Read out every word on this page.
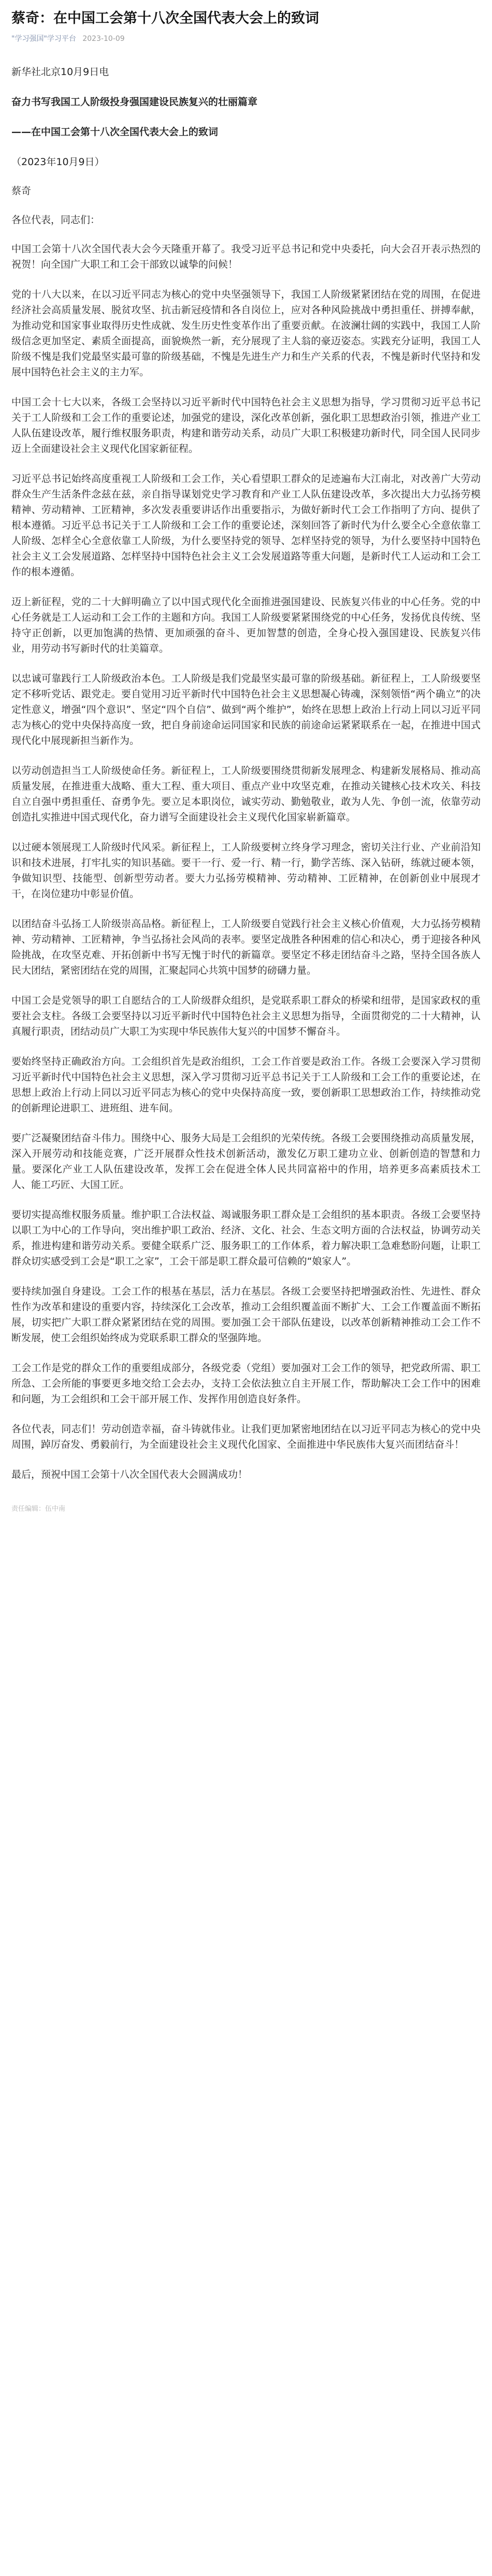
蔡奇：在中国工会第十八次全国代表大会上的致词
"学习强国"学习平台 2023-10-09
新华社北京10月9日电
奋力书写我国工人阶级投身强国建设民族复兴的壮丽篇章
——在中国工会第十八次全国代表大会上的致词
（2023年10月9日）
蔡奇
各位代表，同志们：
中国工会第十八次全国代表大会今天隆重开幕了。我受习近平总书记和党中央委托，向大会召开表示热烈的祝贺！向全国广大职工和工会干部致以诚挚的问候！
党的十八大以来，在以习近平同志为核心的党中央坚强领导下，我国工人阶级紧紧团结在党的周围，在促进经济社会高质量发展、脱贫攻坚、抗击新冠疫情和各自岗位上，应对各种风险挑战中勇担重任、拼搏奉献，为推动党和国家事业取得历史性成就、发生历史性变革作出了重要贡献。在波澜壮阔的实践中，我国工人阶级信念更加坚定、素质全面提高，面貌焕然一新，充分展现了主人翁的豪迈姿态。实践充分证明，我国工人阶级不愧是我们党最坚实最可靠的阶级基础，不愧是先进生产力和生产关系的代表，不愧是新时代坚持和发展中国特色社会主义的主力军。
中国工会十七大以来，各级工会坚持以习近平新时代中国特色社会主义思想为指导，学习贯彻习近平总书记关于工人阶级和工会工作的重要论述，加强党的建设，深化改革创新，强化职工思想政治引领，推进产业工人队伍建设改革，履行维权服务职责，构建和谐劳动关系，动员广大职工积极建功新时代，同全国人民同步迈上全面建设社会主义现代化国家新征程。
习近平总书记始终高度重视工人阶级和工会工作，关心看望职工群众的足迹遍布大江南北，对改善广大劳动群众生产生活条件念兹在兹，亲自指导谋划党史学习教育和产业工人队伍建设改革，多次提出大力弘扬劳模精神、劳动精神、工匠精神，多次发表重要讲话作出重要指示，为做好新时代工会工作指明了方向、提供了根本遵循。习近平总书记关于工人阶级和工会工作的重要论述，深刻回答了新时代为什么要全心全意依靠工人阶级、怎样全心全意依靠工人阶级，为什么要坚持党的领导、怎样坚持党的领导，为什么要坚持中国特色社会主义工会发展道路、怎样坚持中国特色社会主义工会发展道路等重大问题，是新时代工人运动和工会工作的根本遵循。
迈上新征程，党的二十大鲜明确立了以中国式现代化全面推进强国建设、民族复兴伟业的中心任务。党的中心任务就是工人运动和工会工作的主题和方向。我国工人阶级要紧紧围绕党的中心任务，发扬优良传统、坚持守正创新，以更加饱满的热情、更加顽强的奋斗、更加智慧的创造，全身心投入强国建设、民族复兴伟业，用劳动书写新时代的壮美篇章。
以忠诚可靠践行工人阶级政治本色。工人阶级是我们党最坚实最可靠的阶级基础。新征程上，工人阶级要坚定不移听党话、跟党走。要自觉用习近平新时代中国特色社会主义思想凝心铸魂，深刻领悟“两个确立”的决定性意义，增强“四个意识”、坚定“四个自信”、做到“两个维护”，始终在思想上政治上行动上同以习近平同志为核心的党中央保持高度一致，把自身前途命运同国家和民族的前途命运紧紧联系在一起，在推进中国式现代化中展现新担当新作为。
以劳动创造担当工人阶级使命任务。新征程上，工人阶级要围绕贯彻新发展理念、构建新发展格局、推动高质量发展，在推进重大战略、重大工程、重大项目、重点产业中攻坚克难，在推动关键核心技术攻关、科技自立自强中勇担重任、奋勇争先。要立足本职岗位，诚实劳动、勤勉敬业，敢为人先、争创一流，依靠劳动创造扎实推进中国式现代化，奋力谱写全面建设社会主义现代化国家崭新篇章。
以过硬本领展现工人阶级时代风采。新征程上，工人阶级要树立终身学习理念，密切关注行业、产业前沿知识和技术进展，打牢扎实的知识基础。要干一行、爱一行、精一行，勤学苦练、深入钻研，练就过硬本领，争做知识型、技能型、创新型劳动者。要大力弘扬劳模精神、劳动精神、工匠精神，在创新创业中展现才干，在岗位建功中彰显价值。
以团结奋斗弘扬工人阶级崇高品格。新征程上，工人阶级要自觉践行社会主义核心价值观，大力弘扬劳模精神、劳动精神、工匠精神，争当弘扬社会风尚的表率。要坚定战胜各种困难的信心和决心，勇于迎接各种风险挑战，在攻坚克难、开拓创新中书写无愧于时代的新篇章。要坚定不移走团结奋斗之路，坚持全国各族人民大团结，紧密团结在党的周围，汇聚起同心共筑中国梦的磅礴力量。
中国工会是党领导的职工自愿结合的工人阶级群众组织，是党联系职工群众的桥梁和纽带，是国家政权的重要社会支柱。各级工会要坚持以习近平新时代中国特色社会主义思想为指导，全面贯彻党的二十大精神，认真履行职责，团结动员广大职工为实现中华民族伟大复兴的中国梦不懈奋斗。
要始终坚持正确政治方向。工会组织首先是政治组织，工会工作首要是政治工作。各级工会要深入学习贯彻习近平新时代中国特色社会主义思想，深入学习贯彻习近平总书记关于工人阶级和工会工作的重要论述，在思想上政治上行动上同以习近平同志为核心的党中央保持高度一致，要创新职工思想政治工作，持续推动党的创新理论进职工、进班组、进车间。
要广泛凝聚团结奋斗伟力。围绕中心、服务大局是工会组织的光荣传统。各级工会要围绕推动高质量发展，深入开展劳动和技能竞赛，广泛开展群众性技术创新活动，激发亿万职工建功立业、创新创造的智慧和力量。要深化产业工人队伍建设改革，发挥工会在促进全体人民共同富裕中的作用，培养更多高素质技术工人、能工巧匠、大国工匠。
要切实提高维权服务质量。维护职工合法权益、竭诚服务职工群众是工会组织的基本职责。各级工会要坚持以职工为中心的工作导向，突出维护职工政治、经济、文化、社会、生态文明方面的合法权益，协调劳动关系，推进构建和谐劳动关系。要健全联系广泛、服务职工的工作体系，着力解决职工急难愁盼问题，让职工群众切实感受到工会是“职工之家”，工会干部是职工群众最可信赖的“娘家人”。
要持续加强自身建设。工会工作的根基在基层，活力在基层。各级工会要坚持把增强政治性、先进性、群众性作为改革和建设的重要内容，持续深化工会改革，推动工会组织覆盖面不断扩大、工会工作覆盖面不断拓展，切实把广大职工群众紧紧团结在党的周围。要加强工会干部队伍建设，以改革创新精神推动工会工作不断发展，使工会组织始终成为党联系职工群众的坚强阵地。
工会工作是党的群众工作的重要组成部分，各级党委（党组）要加强对工会工作的领导，把党政所需、职工所急、工会所能的事要更多地交给工会去办，支持工会依法独立自主开展工作，帮助解决工会工作中的困难和问题，为工会组织和工会干部开展工作、发挥作用创造良好条件。
各位代表，同志们！劳动创造幸福，奋斗铸就伟业。让我们更加紧密地团结在以习近平同志为核心的党中央周围，踔厉奋发、勇毅前行，为全面建设社会主义现代化国家、全面推进中华民族伟大复兴而团结奋斗！
最后，预祝中国工会第十八次全国代表大会圆满成功！
责任编辑：伍中南
